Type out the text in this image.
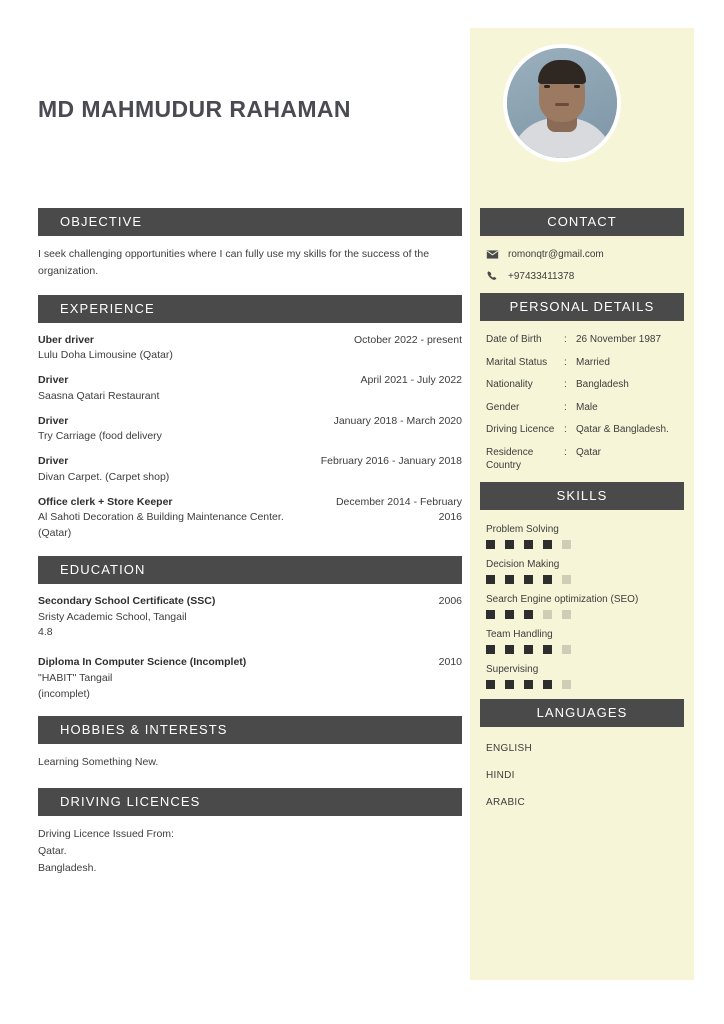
MD MAHMUDUR RAHAMAN
OBJECTIVE
I seek challenging opportunities where I can fully use my skills for the success of the organization.
EXPERIENCE
Uber driver
Lulu Doha Limousine (Qatar)
October 2022 - present
Driver
Saasna Qatari Restaurant
April 2021 - July 2022
Driver
Try Carriage (food delivery
January 2018 - March 2020
Driver
Divan Carpet. (Carpet shop)
February 2016 - January 2018
Office clerk + Store Keeper
Al Sahoti Decoration & Building Maintenance Center. (Qatar)
December 2014 - February 2016
EDUCATION
Secondary School Certificate (SSC)
Sristy Academic School, Tangail
4.8
2006
Diploma In Computer Science (Incomplet)
"HABIT" Tangail
(incomplet)
2010
HOBBIES & INTERESTS
Learning Something New.
DRIVING LICENCES
Driving Licence Issued From:
Qatar.
Bangladesh.
CONTACT
romonqtr@gmail.com
+97433411378
PERSONAL DETAILS
Date of Birth	: 26 November 1987
Marital Status	: Married
Nationality	: Bangladesh
Gender	: Male
Driving Licence : Qatar & Bangladesh.
Residence Country
: Qatar
SKILLS
Problem Solving
Decision Making
Search Engine optimization (SEO)
Team Handling
Supervising
LANGUAGES
ENGLISH
HINDI
ARABIC
